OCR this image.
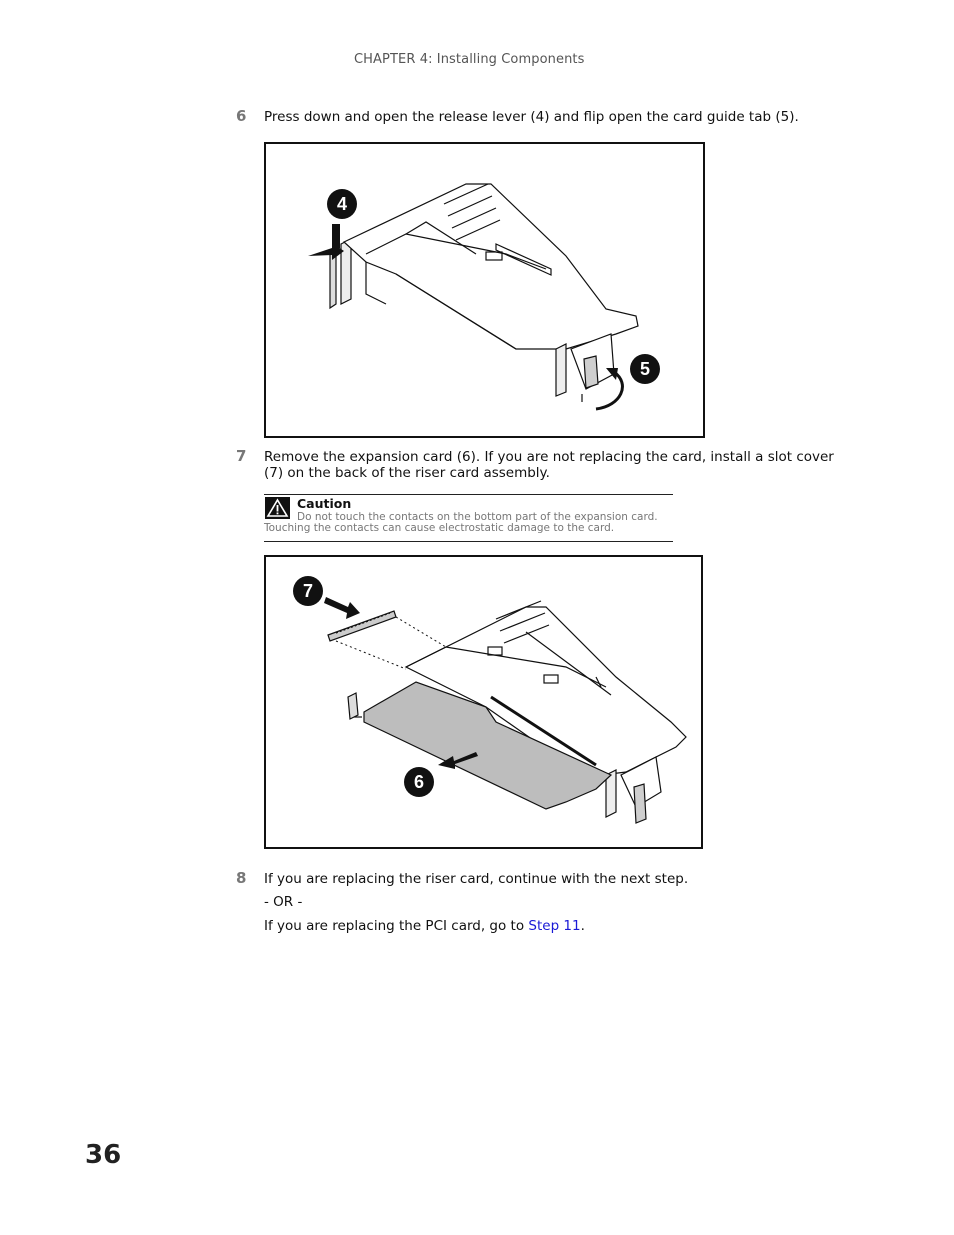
CHAPTER 4: Installing Components
6 Press down and open the release lever (4) and flip open the card guide tab (5).
4
5
7 Remove the expansion card (6). If you are not replacing the card, install a slot cover (7) on the back of the riser card assembly.
Caution
Do not touch the contacts on the bottom part of the expansion card. Touching the contacts can cause electrostatic damage to the card.
7
6
8 If you are replacing the riser card, continue with the next step.
- OR -
If you are replacing the PCI card, go to Step 11.
36
